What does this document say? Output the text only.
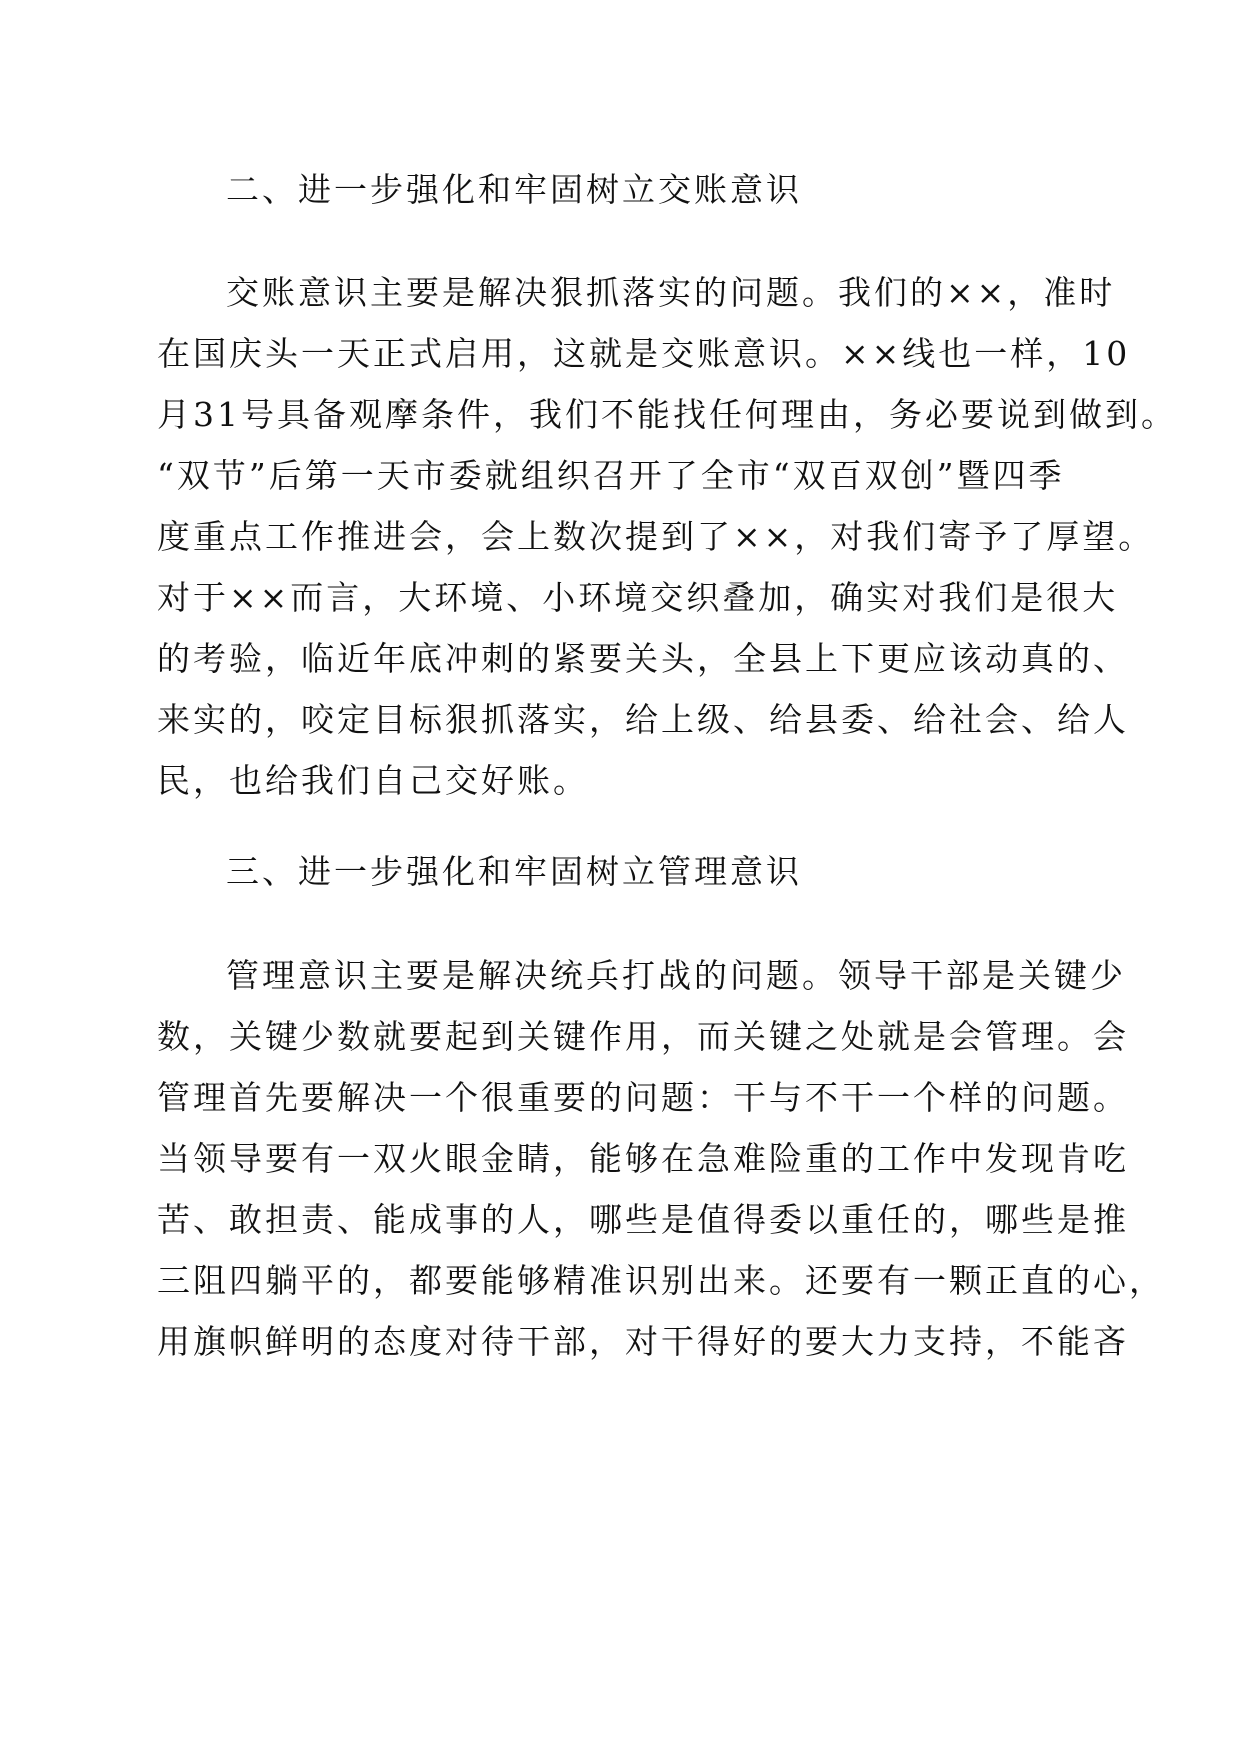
二、进一步强化和牢固树立交账意识
交账意识主要是解决狠抓落实的问题。我们的××，准时
在国庆头一天正式启用，这就是交账意识。××线也一样，10
月31号具备观摩条件，我们不能找任何理由，务必要说到做到。
“双节”后第一天市委就组织召开了全市“双百双创”暨四季
度重点工作推进会，会上数次提到了××，对我们寄予了厚望。
对于××而言，大环境、小环境交织叠加，确实对我们是很大
的考验，临近年底冲刺的紧要关头，全县上下更应该动真的、
来实的，咬定目标狠抓落实，给上级、给县委、给社会、给人
民，也给我们自己交好账。
三、进一步强化和牢固树立管理意识
管理意识主要是解决统兵打战的问题。领导干部是关键少
数，关键少数就要起到关键作用，而关键之处就是会管理。会
管理首先要解决一个很重要的问题：干与不干一个样的问题。
当领导要有一双火眼金睛，能够在急难险重的工作中发现肯吃
苦、敢担责、能成事的人，哪些是值得委以重任的，哪些是推
三阻四躺平的，都要能够精准识别出来。还要有一颗正直的心，
用旗帜鲜明的态度对待干部，对干得好的要大力支持，不能吝
